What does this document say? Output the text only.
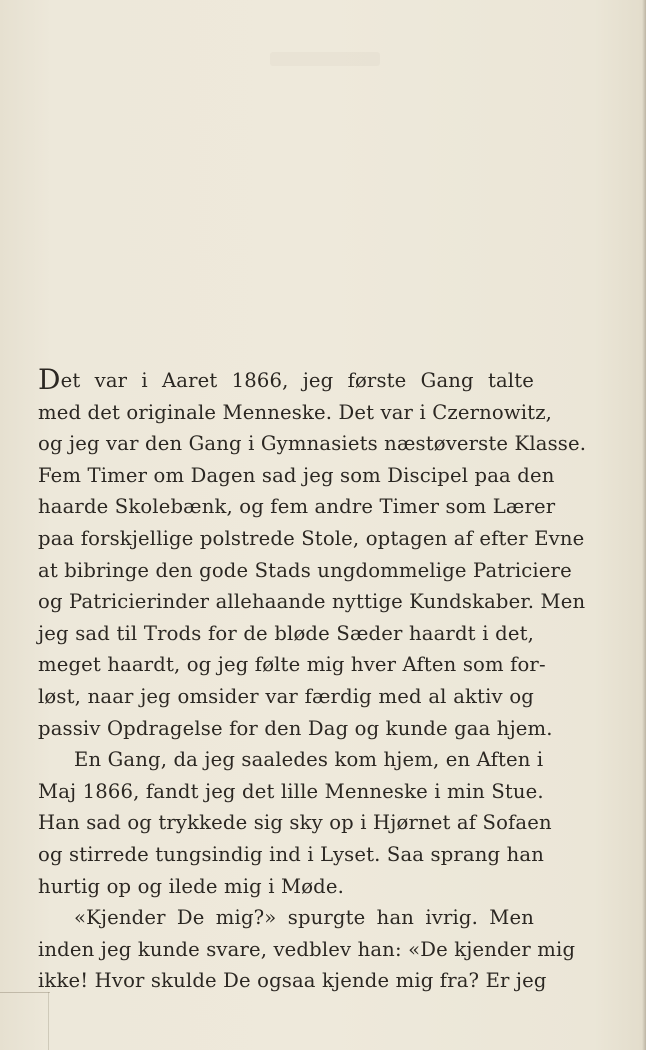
Det var i Aaret 1866, jeg første Gang talte
med det originale Menneske. Det var i Czernowitz,
og jeg var den Gang i Gymnasiets næstøverste Klasse.
Fem Timer om Dagen sad jeg som Discipel paa den
haarde Skolebænk, og fem andre Timer som Lærer
paa forskjellige polstrede Stole, optagen af efter Evne
at bibringe den gode Stads ungdommelige Patriciere
og Patricierinder allehaande nyttige Kundskaber. Men
jeg sad til Trods for de bløde Sæder haardt i det,
meget haardt, og jeg følte mig hver Aften som for-
løst, naar jeg omsider var færdig med al aktiv og
passiv Opdragelse for den Dag og kunde gaa hjem.
En Gang, da jeg saaledes kom hjem, en Aften i
Maj 1866, fandt jeg det lille Menneske i min Stue.
Han sad og trykkede sig sky op i Hjørnet af Sofaen
og stirrede tungsindig ind i Lyset. Saa sprang han
hurtig op og ilede mig i Møde.
«Kjender De mig?» spurgte han ivrig. Men
inden jeg kunde svare, vedblev han: «De kjender mig
ikke! Hvor skulde De ogsaa kjende mig fra? Er jeg
